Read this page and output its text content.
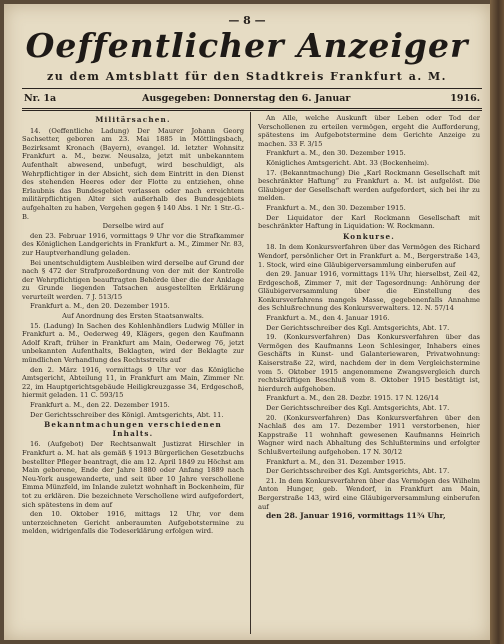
— 8 —
Oeffentlicher Anzeiger
zu dem Amtsblatt für den Stadtkreis Frankfurt a. M.
Nr. 1a	Ausgegeben: Donnerstag den 6. Januar	1916.

Militärsachen.

14. (Oeffentliche Ladung) Der Maurer Johann Georg Sachsetter, geboren am 23. Mai 1885 in Möttlingsbach, Bezirksamt Kronach (Bayern), evangel. ld. letzter Wohnsitz Frankfurt a. M., bezw. Neusalza, jetzt mit unbekanntem Aufenthalt abwesend, unbefugt, wird beschuldigt, als Wehrpflichtiger in der Absicht, sich dem Eintritt in den Dienst des stehenden Heeres oder der Flotte zu entziehen, ohne Erlaubnis das Bundesgebiet verlassen oder nach erreichtem militärpflichtigen Alter sich außerhalb des Bundesgebiets aufgehalten zu haben, Vergehen gegen § 140 Abs. 1 Nr. 1 Str.-G.-B.

Derselbe wird auf

den 23. Februar 1916, vormittags 9 Uhr vor die Strafkammer des Königlichen Landgerichts in Frankfurt a. M., Zimmer Nr. 83, zur Hauptverhandlung geladen.

Bei unentschuldigtem Ausbleiben wird derselbe auf Grund der nach § 472 der Strafprozeßordnung von der mit der Kontrolle der Wehrpflichtigen beauftragten Behörde über die der Anklage zu Grunde liegenden Tatsachen ausgestellten Erklärung verurteilt werden. 7 J. 513/15

Frankfurt a. M., den 20. Dezember 1915.

Auf Anordnung des Ersten Staatsanwalts.

15. (Ladung) In Sachen des Kohlenhändlers Ludwig Müller in Frankfurt a. M., Oederweg 49, Klägers, gegen den Kaufmann Adolf Kraft, früher in Frankfurt am Main, Oederweg 76, jetzt unbekannten Aufenthalts, Beklagten, wird der Beklagte zur mündlichen Verhandlung des Rechtsstreits auf

den 2. März 1916, vormittags 9 Uhr vor das Königliche Amtsgericht, Abteilung 11, in Frankfurt am Main, Zimmer Nr. 22, im Hauptgerichtsgebäude Heiligkreuzgasse 34, Erdgeschoß, hiermit geladen. 11 C. 593/15

Frankfurt a. M., den 22. Dezember 1915.

Der Gerichtsschreiber des Königl. Amtsgerichts, Abt. 11.

Bekanntmachungen verschiedenen Inhalts.

16. (Aufgebot) Der Rechtsanwalt Justizrat Hirschler in Frankfurt a. M. hat als gemäß § 1913 Bürgerlichen Gesetzbuchs bestellter Pfleger beantragt, die am 12. April 1849 zu Höchst am Main geborene, Ende der Jahre 1880 oder Anfang 1889 nach Neu-York ausgewanderte, und seit über 10 Jahre verschollene Emma Münzfeld, im Inlande zuletzt wohnhaft in Bockenheim, für tot zu erklären. Die bezeichnete Verschollene wird aufgefordert, sich spätestens in dem auf

den 10. Oktober 1916, mittags 12 Uhr, vor dem unterzeichneten Gericht anberaumten Aufgebotstermine zu melden, widrigenfalls die Todeserklärung erfolgen wird.

An Alle, welche Auskunft über Leben oder Tod der Verschollenen zu erteilen vermögen, ergeht die Aufforderung, spätestens im Aufgebotstermine dem Gerichte Anzeige zu machen. 33 F. 3/15

Frankfurt a. M., den 30. Dezember 1915.

Königliches Amtsgericht. Abt. 33 (Bockenheim).

17. (Bekanntmachung) Die „Karl Rockmann Gesellschaft mit beschränkter Haftung“ zu Frankfurt a. M. ist aufgelöst. Die Gläubiger der Gesellschaft werden aufgefordert, sich bei ihr zu melden.

Frankfurt a. M., den 30. Dezember 1915.

Der Liquidator der Karl Rockmann Gesellschaft mit beschränkter Haftung in Liquidation: W. Rockmann.

Konkurse.

18. In dem Konkursverfahren über das Vermögen des Richard Wendorf, persönlicher Ort in Frankfurt a. M., Bergerstraße 143, 1. Stock, wird eine Gläubigerversammlung einberufen auf

den 29. Januar 1916, vormittags 11¾ Uhr, hierselbst, Zeil 42, Erdgeschoß, Zimmer 7, mit der Tagesordnung: Anhörung der Gläubigerversammlung über die Einstellung des Konkursverfahrens mangels Masse, gegebenenfalls Annahme des Schlußrechnung des Konkursverwalters. 12. N. 57/14

Frankfurt a. M., den 4. Januar 1916.

Der Gerichtsschreiber des Kgl. Amtsgerichts, Abt. 17.

19. (Konkursverfahren) Das Konkursverfahren über das Vermögen des Kaufmanns Leon Schlesinger, Inhabers eines Geschäfts in Kunst- und Galanteriewaren, Privatwohnung: Kaiserstraße 22, wird, nachdem der in dem Vergleichstermine vom 5. Oktober 1915 angenommene Zwangsvergleich durch rechtskräftigen Beschluß vom 8. Oktober 1915 bestätigt ist, hierdurch aufgehoben.

Frankfurt a. M., den 28. Dezbr. 1915. 17 N. 126/14

Der Gerichtsschreiber des Kgl. Amtsgerichts, Abt. 17.

20. (Konkursverfahren) Das Konkursverfahren über den Nachlaß des am 17. Dezember 1911 verstorbenen, hier Kappstraße 11 wohnhaft gewesenen Kaufmanns Heinrich Wagner wird nach Abhaltung des Schlußtermins und erfolgter Schlußverteilung aufgehoben. 17 N. 30/12

Frankfurt a. M., den 31. Dezember 1915.

Der Gerichtsschreiber des Kgl. Amtsgerichts, Abt. 17.

21. In dem Konkursverfahren über das Vermögen des Wilhelm Anton Hunger, geb. Wendorf, in Frankfurt am Main, Bergerstraße 143, wird eine Gläubigerversammlung einberufen auf

den 28. Januar 1916, vormittags 11¾ Uhr,
